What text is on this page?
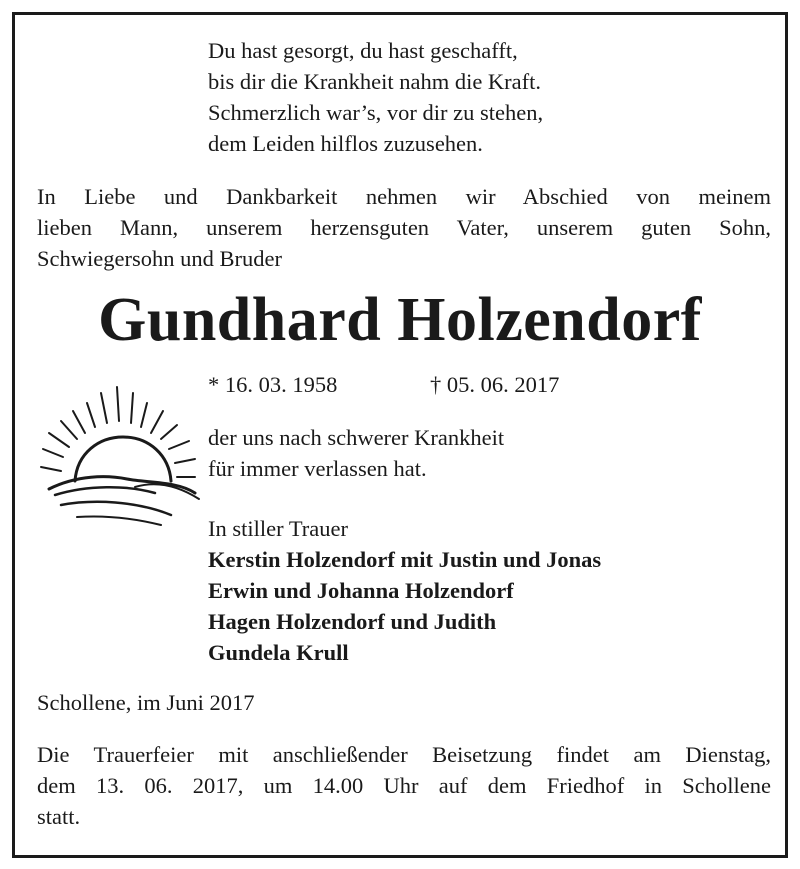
Du hast gesorgt, du hast geschafft,
bis dir die Krankheit nahm die Kraft.
Schmerzlich war’s, vor dir zu stehen,
dem Leiden hilflos zuzusehen.
In Liebe und Dankbarkeit nehmen wir Abschied von meinem
lieben Mann, unserem herzensguten Vater, unserem guten Sohn,
Schwiegersohn und Bruder
Gundhard Holzendorf
* 16. 03. 1958	† 05. 06. 2017
der uns nach schwerer Krankheit
für immer verlassen hat.
In stiller Trauer
Kerstin Holzendorf mit Justin und Jonas
Erwin und Johanna Holzendorf
Hagen Holzendorf und Judith
Gundela Krull
Schollene, im Juni 2017
Die Trauerfeier mit anschließender Beisetzung findet am Dienstag,
dem 13. 06. 2017, um 14.00 Uhr auf dem Friedhof in Schollene
statt.
